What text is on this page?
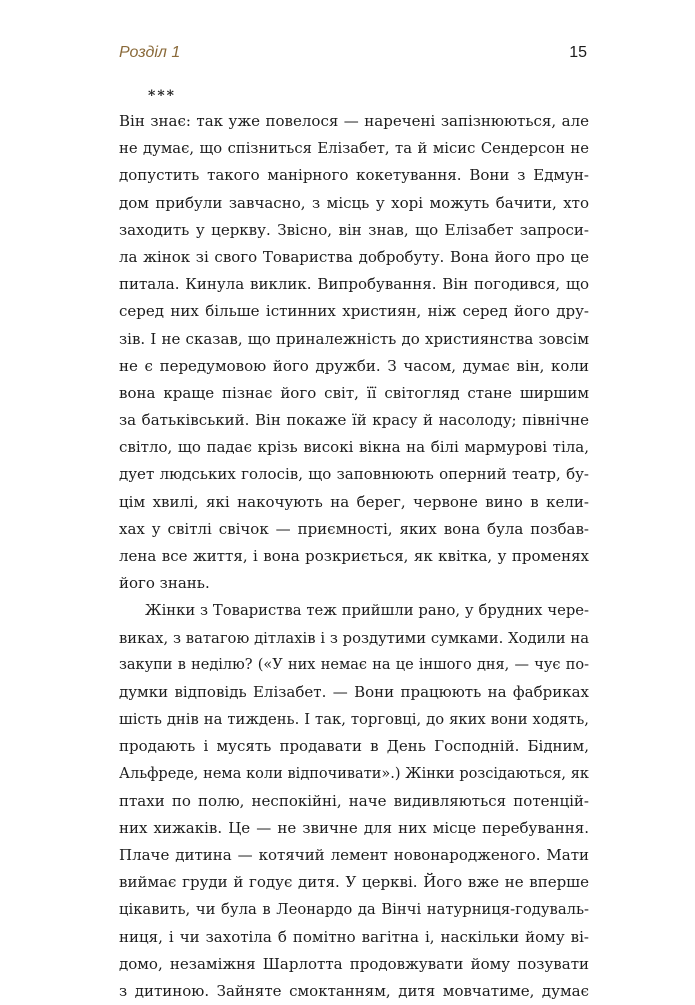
Розділ 1	15
***
Він знає: так уже повелося — наречені запізнюються, але
не думає, що спізниться Елізабет, та й місис Сендерсон не
допустить такого манірного кокетування. Вони з Едмун-
дом прибули завчасно, з місць у хорі можуть бачити, хто
заходить у церкву. Звісно, він знав, що Елізабет запроси-
ла жінок зі свого Товариства добробуту. Вона його про це
питала. Кинула виклик. Випробування. Він погодився, що
серед них більше істинних християн, ніж серед його дру-
зів. І не сказав, що приналежність до християнства зовсім
не є передумовою його дружби. З часом, думає він, коли
вона краще пізнає його світ, її світогляд стане ширшим
за батьківський. Він покаже їй красу й насолоду; північне
світло, що падає крізь високі вікна на білі мармурові тіла,
дует людських голосів, що заповнюють оперний театр, бу-
цім хвилі, які накочують на берег, червоне вино в кели-
хах у світлі свічок — приємності, яких вона була позбав-
лена все життя, і вона розкриється, як квітка, у променях
його знань.
Жінки з Товариства теж прийшли рано, у брудних чере-
виках, з ватагою дітлахів і з роздутими сумками. Ходили на
закупи в неділю? («У них немає на це іншого дня, — чує по-
думки відповідь Елізабет. — Вони працюють на фабриках
шість днів на тиждень. І так, торговці, до яких вони ходять,
продають і мусять продавати в День Господній. Бідним,
Альфреде, нема коли відпочивати».) Жінки розсідаються, як
птахи по полю, неспокійні, наче видивляються потенцій-
них хижаків. Це — не звичне для них місце перебування.
Плаче дитина — котячий лемент новонародженого. Мати
виймає груди й годує дитя. У церкві. Його вже не вперше
цікавить, чи була в Леонардо да Вінчі натурниця-годуваль-
ниця, і чи захотіла б помітно вагітна і, наскільки йому ві-
домо, незаміжня Шарлотта продовжувати йому позувати
з дитиною. Зайняте смоктанням, дитя мовчатиме, думає
